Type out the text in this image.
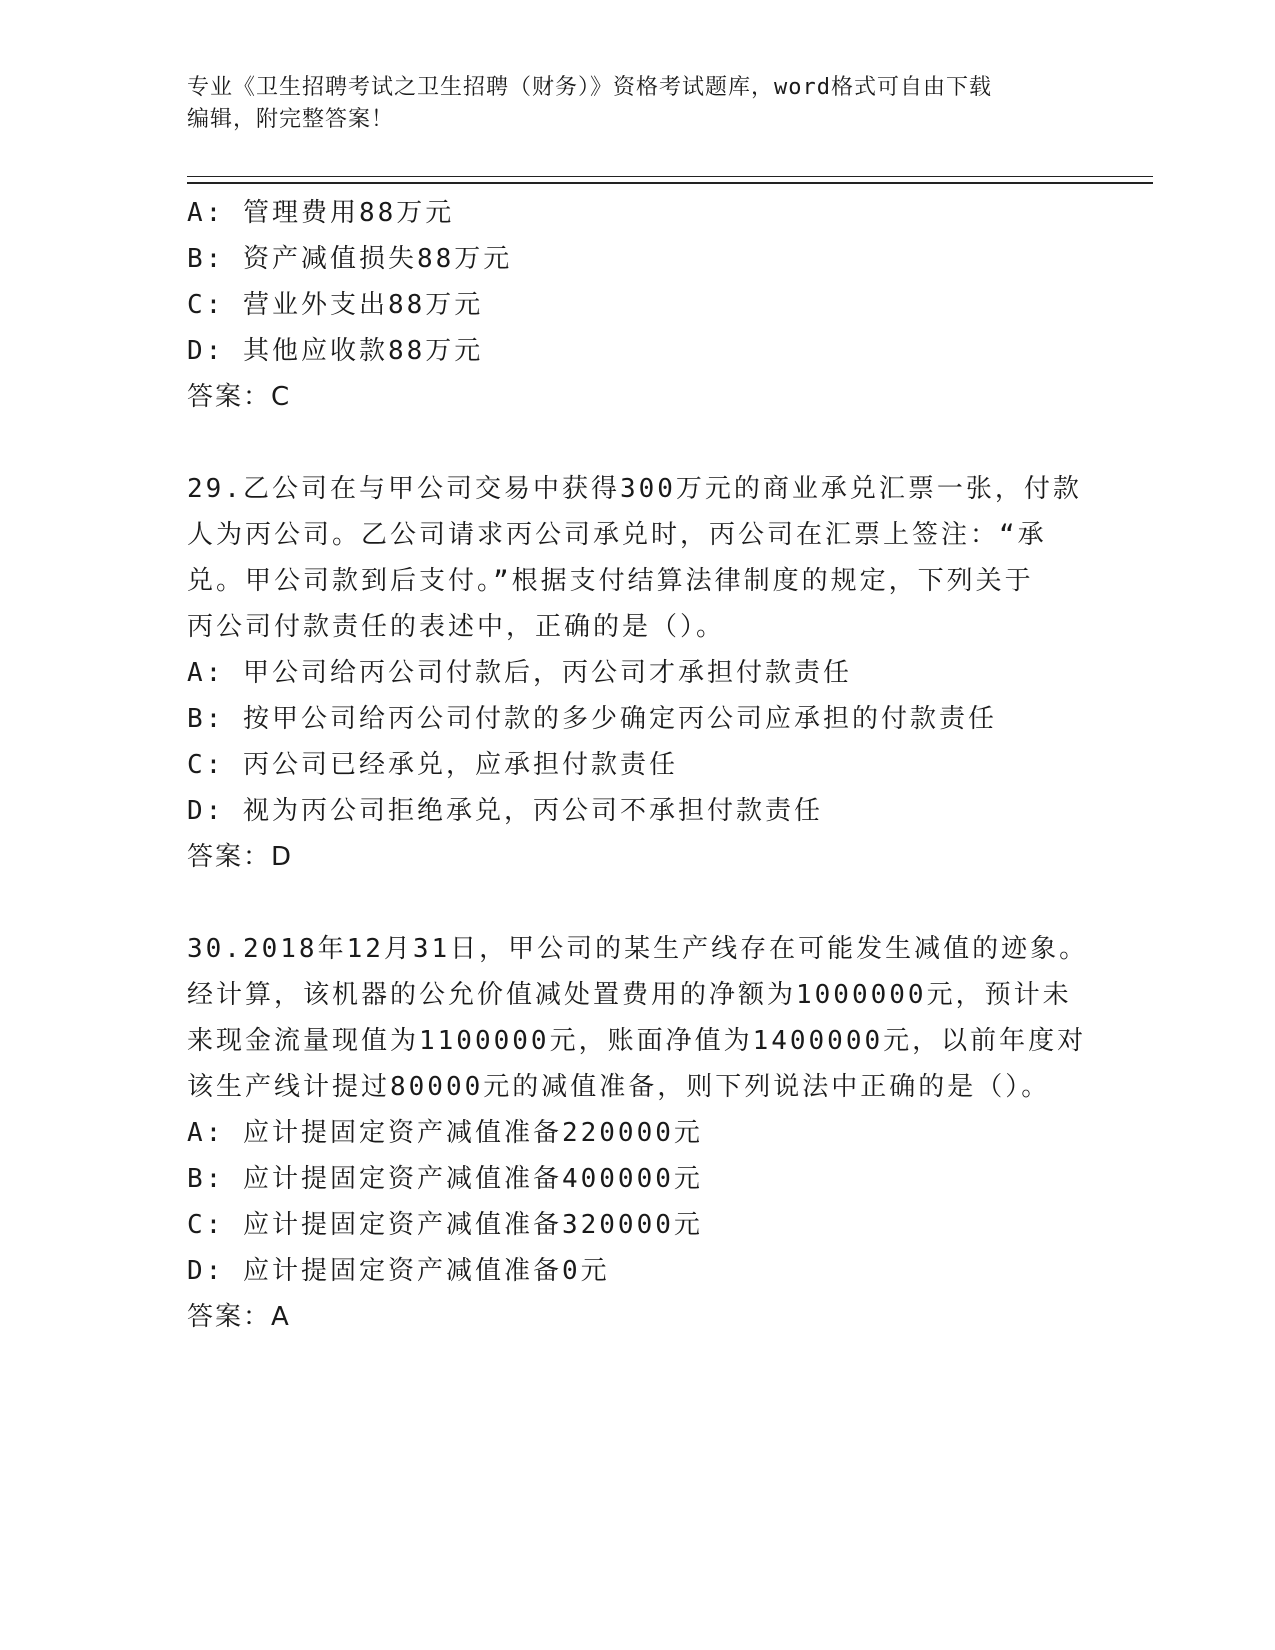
专业《卫生招聘考试之卫生招聘（财务）》资格考试题库，word格式可自由下载
编辑，附完整答案！
A: 管理费用88万元
B: 资产减值损失88万元
C: 营业外支出88万元
D: 其他应收款88万元
答案：C
29.乙公司在与甲公司交易中获得300万元的商业承兑汇票一张，付款
人为丙公司。乙公司请求丙公司承兑时，丙公司在汇票上签注：“承
兑。甲公司款到后支付。”根据支付结算法律制度的规定，下列关于
丙公司付款责任的表述中，正确的是（）。
A: 甲公司给丙公司付款后，丙公司才承担付款责任
B: 按甲公司给丙公司付款的多少确定丙公司应承担的付款责任
C: 丙公司已经承兑，应承担付款责任
D: 视为丙公司拒绝承兑，丙公司不承担付款责任
答案：D
30.2018年12月31日，甲公司的某生产线存在可能发生减值的迹象。
经计算，该机器的公允价值减处置费用的净额为1000000元，预计未
来现金流量现值为1100000元，账面净值为1400000元，以前年度对
该生产线计提过80000元的减值准备，则下列说法中正确的是（）。
A: 应计提固定资产减值准备220000元
B: 应计提固定资产减值准备400000元
C: 应计提固定资产减值准备320000元
D: 应计提固定资产减值准备0元
答案：A
